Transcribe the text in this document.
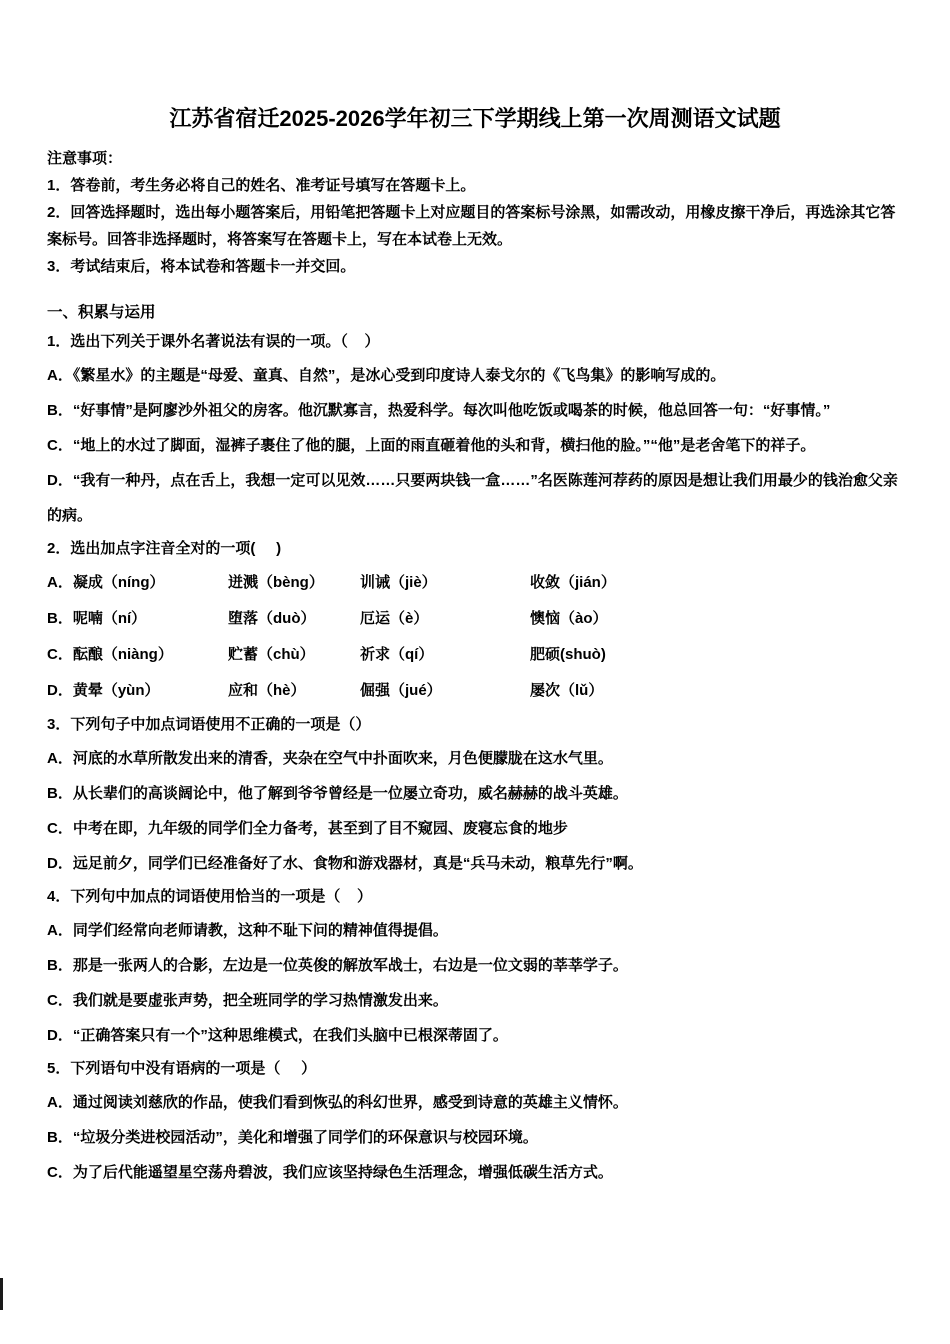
江苏省宿迁2025-2026学年初三下学期线上第一次周测语文试题
注意事项：
1．答卷前，考生务必将自己的姓名、准考证号填写在答题卡上。
2．回答选择题时，选出每小题答案后，用铅笔把答题卡上对应题目的答案标号涂黑，如需改动，用橡皮擦干净后，再选涂其它答案标号。回答非选择题时，将答案写在答题卡上，写在本试卷上无效。
3．考试结束后，将本试卷和答题卡一并交回。
一、积累与运用
1．选出下列关于课外名著说法有误的一项。（    ）
A．《繁星水》的主题是“母爱、童真、自然”，是冰心受到印度诗人泰戈尔的《飞鸟集》的影响写成的。
B．“好事情”是阿廖沙外祖父的房客。他沉默寡言，热爱科学。每次叫他吃饭或喝茶的时候，他总回答一句：“好事情。”
C．“地上的水过了脚面，湿裤子裹住了他的腿，上面的雨直砸着他的头和背，横扫他的脸。”“他”是老舍笔下的祥子。
D．“我有一种丹，点在舌上，我想一定可以见效……只要两块钱一盒……”名医陈莲河荐药的原因是想让我们用最少的钱治愈父亲的病。
2．选出加点字注音全对的一项(     )
A．凝成（níng）	迸溅（bèng）	训诫（jiè）	收敛（jián）
B．呢喃（ní）	堕落（duò）	厄运（è）	懊恼（ào）
C．酝酿（niàng）	贮蓄（chù）	祈求（qí）	肥硕(shuò)
D．黄晕（yùn）	应和（hè）	倔强（jué）	屡次（lǔ）
3．下列句子中加点词语使用不正确的一项是（）
A．河底的水草所散发出来的清香，夹杂在空气中扑面吹来，月色便朦胧在这水气里。
B．从长辈们的高谈阔论中，他了解到爷爷曾经是一位屡立奇功，威名赫赫的战斗英雄。
C．中考在即，九年级的同学们全力备考，甚至到了目不窥园、废寝忘食的地步
D．远足前夕，同学们已经准备好了水、食物和游戏器材，真是“兵马未动，粮草先行”啊。
4．下列句中加点的词语使用恰当的一项是（    ）
A．同学们经常向老师请教，这种不耻下问的精神值得提倡。
B．那是一张两人的合影，左边是一位英俊的解放军战士，右边是一位文弱的莘莘学子。
C．我们就是要虚张声势，把全班同学的学习热情激发出来。
D．“正确答案只有一个”这种思维模式，在我们头脑中已根深蒂固了。
5．下列语句中没有语病的一项是（     ）
A．通过阅读刘慈欣的作品，使我们看到恢弘的科幻世界，感受到诗意的英雄主义情怀。
B．“垃圾分类进校园活动”，美化和增强了同学们的环保意识与校园环境。
C．为了后代能遥望星空荡舟碧波，我们应该坚持绿色生活理念，增强低碳生活方式。
